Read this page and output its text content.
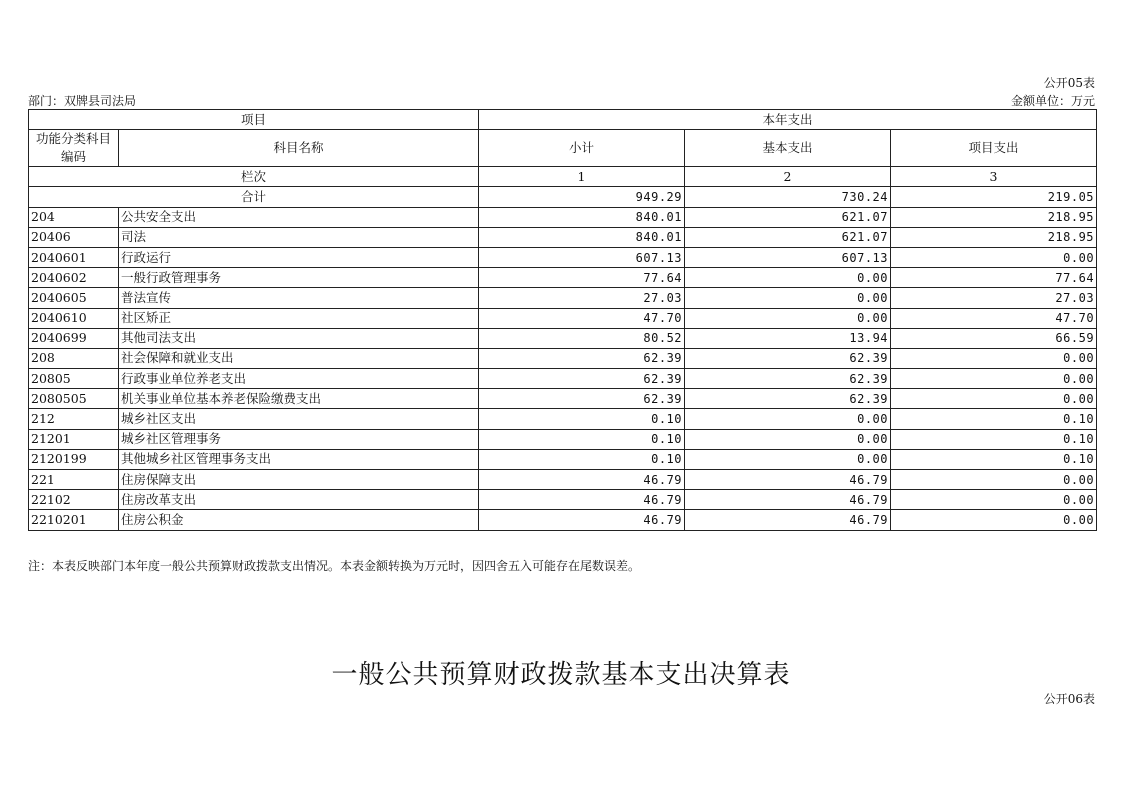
公开05表
部门：双牌县司法局	金额单位：万元
项目		本年支出		
功能分类科目编码	科目名称	小计	基本支出	项目支出
栏次		1	2	3
合计		949.29	730.24	219.05
204	公共安全支出	840.01	621.07	218.95
20406	司法	840.01	621.07	218.95
2040601	行政运行	607.13	607.13	0.00
2040602	一般行政管理事务	77.64	0.00	77.64
2040605	普法宣传	27.03	0.00	27.03
2040610	社区矫正	47.70	0.00	47.70
2040699	其他司法支出	80.52	13.94	66.59
208	社会保障和就业支出	62.39	62.39	0.00
20805	行政事业单位养老支出	62.39	62.39	0.00
2080505	机关事业单位基本养老保险缴费支出	62.39	62.39	0.00
212	城乡社区支出	0.10	0.00	0.10
21201	城乡社区管理事务	0.10	0.00	0.10
2120199	其他城乡社区管理事务支出	0.10	0.00	0.10
221	住房保障支出	46.79	46.79	0.00
22102	住房改革支出	46.79	46.79	0.00
2210201	住房公积金	46.79	46.79	0.00
注：本表反映部门本年度一般公共预算财政拨款支出情况。本表金额转换为万元时，因四舍五入可能存在尾数误差。
一般公共预算财政拨款基本支出决算表
公开06表
